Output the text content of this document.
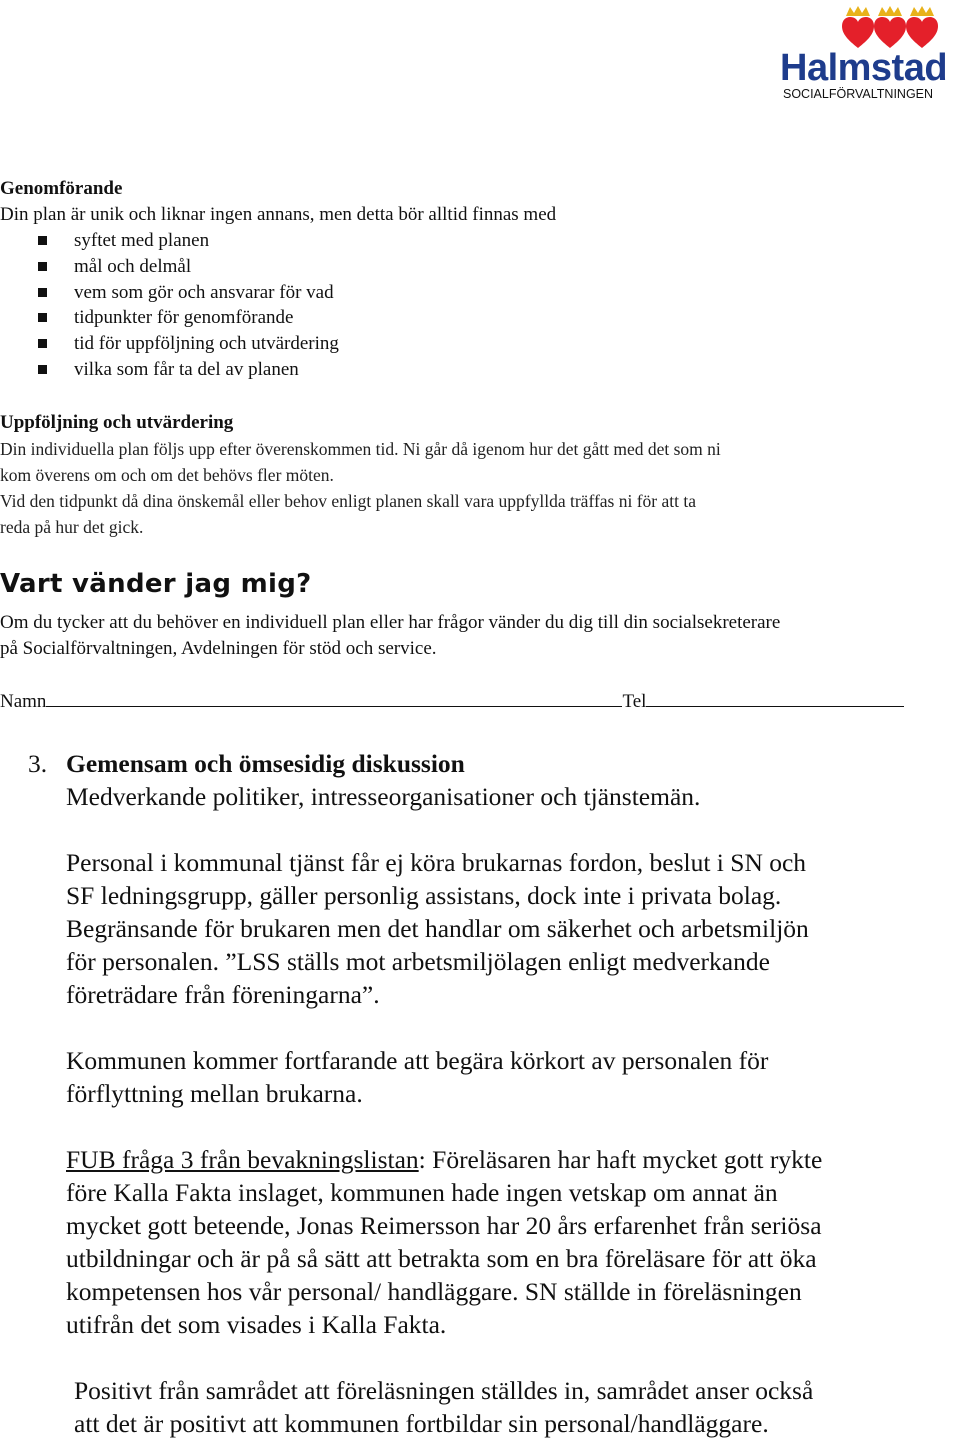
Halmstad
SOCIALFÖRVALTNINGEN
Genomförande
Din plan är unik och liknar ingen annans, men detta bör alltid finnas med
syftet med planen
mål och delmål
vem som gör och ansvarar för vad
tidpunkter för genomförande
tid för uppföljning och utvärdering
vilka som får ta del av planen
Uppföljning och utvärdering
Din individuella plan följs upp efter överenskommen tid. Ni går då igenom hur det gått med det som ni
kom överens om och om det behövs fler möten.
Vid den tidpunkt då dina önskemål eller behov enligt planen skall vara uppfyllda träffas ni för att ta
reda på hur det gick.
Vart vänder jag mig?
Om du tycker att du behöver en individuell plan eller har frågor vänder du dig till din socialsekreterare
på Socialförvaltningen, Avdelningen för stöd och service.
Namn	Tel
3. Gemensam och ömsesidig diskussion
Medverkande politiker, intresseorganisationer och tjänstemän.
Personal i kommunal tjänst får ej köra brukarnas fordon, beslut i SN och
SF ledningsgrupp, gäller personlig assistans, dock inte i privata bolag.
Begränsande för brukaren men det handlar om säkerhet och arbetsmiljön
för personalen. ”LSS ställs mot arbetsmiljölagen enligt medverkande
företrädare från föreningarna”.
Kommunen kommer fortfarande att begära körkort av personalen för
förflyttning mellan brukarna.
FUB fråga 3 från bevakningslistan: Föreläsaren har haft mycket gott rykte
före Kalla Fakta inslaget, kommunen hade ingen vetskap om annat än
mycket gott beteende, Jonas Reimersson har 20 års erfarenhet från seriösa
utbildningar och är på så sätt att betrakta som en bra föreläsare för att öka
kompetensen hos vår personal/ handläggare. SN ställde in föreläsningen
utifrån det som visades i Kalla Fakta.
Positivt från samrådet att föreläsningen ställdes in, samrådet anser också
att det är positivt att kommunen fortbildar sin personal/handläggare.
